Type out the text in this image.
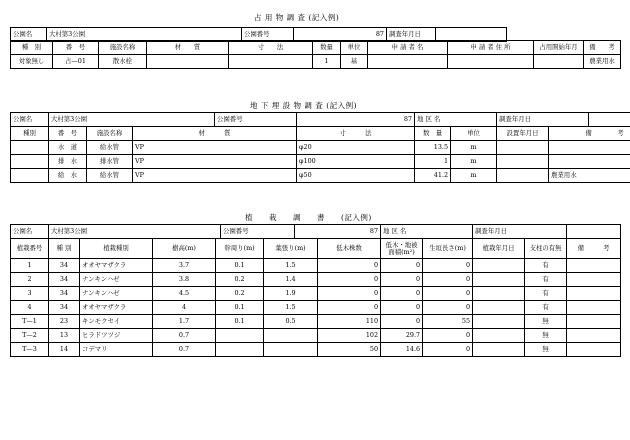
占 用 物 調 査 (記入例)
公園名	大村第3公園	公園番号	87	調査年月日	
種　別	番　号	施設名称	材　　質	寸　　法	数量	単位	申 請 者 名	申 請 者 住 所	占用開始年月	備　　考
対象無し	占—01	散水栓			1	基				農業用水
地 下 埋 設 物 調 査 (記入例)
公園名	大村第3公園				公園番号	87	地 区 名		調査年月日		
種別	番　号	施設名称	材　　　質			寸　　　法	数　量	単位	設置年月日	備　　　　考	
	水　道	給水管	VP			φ20	13.5	m			
	排　水	排水管	VP			φ100	1	m			
	給　水	給水管	VP			φ50	41.2	m		農業用水	
植　　栽　　調　　書　　(記入例)
公園名	大村第3公園					公園番号		87		地 区 名		調査年月日		
植栽番号	種 別	植栽種別	樹高(m)		幹周り(m)		葉張り(m)		低木株数	低木・地被面積(m²)	生垣長さ(m)	植栽年月日	支柱の有無	備　　　考
1	34	オオヤマザクラ	3.7		0.1		1.5		0	0	0		有	
2	34	ナンキンハゼ	3.8		0.2		1.4		0	0	0		有	
3	34	ナンキンハゼ	4.5		0.2		1.9		0	0	0		有	
4	34	オオヤマザクラ	4		0.1		1.5		0	0	0		有	
T—1	23	キンモクセイ	1.7		0.1		0.5		110	0	55		無	
T—2	13	ヒラドツツジ	0.7						102	29.7	0		無	
T—3	14	コデマリ	0.7						50	14.6	0		無	
